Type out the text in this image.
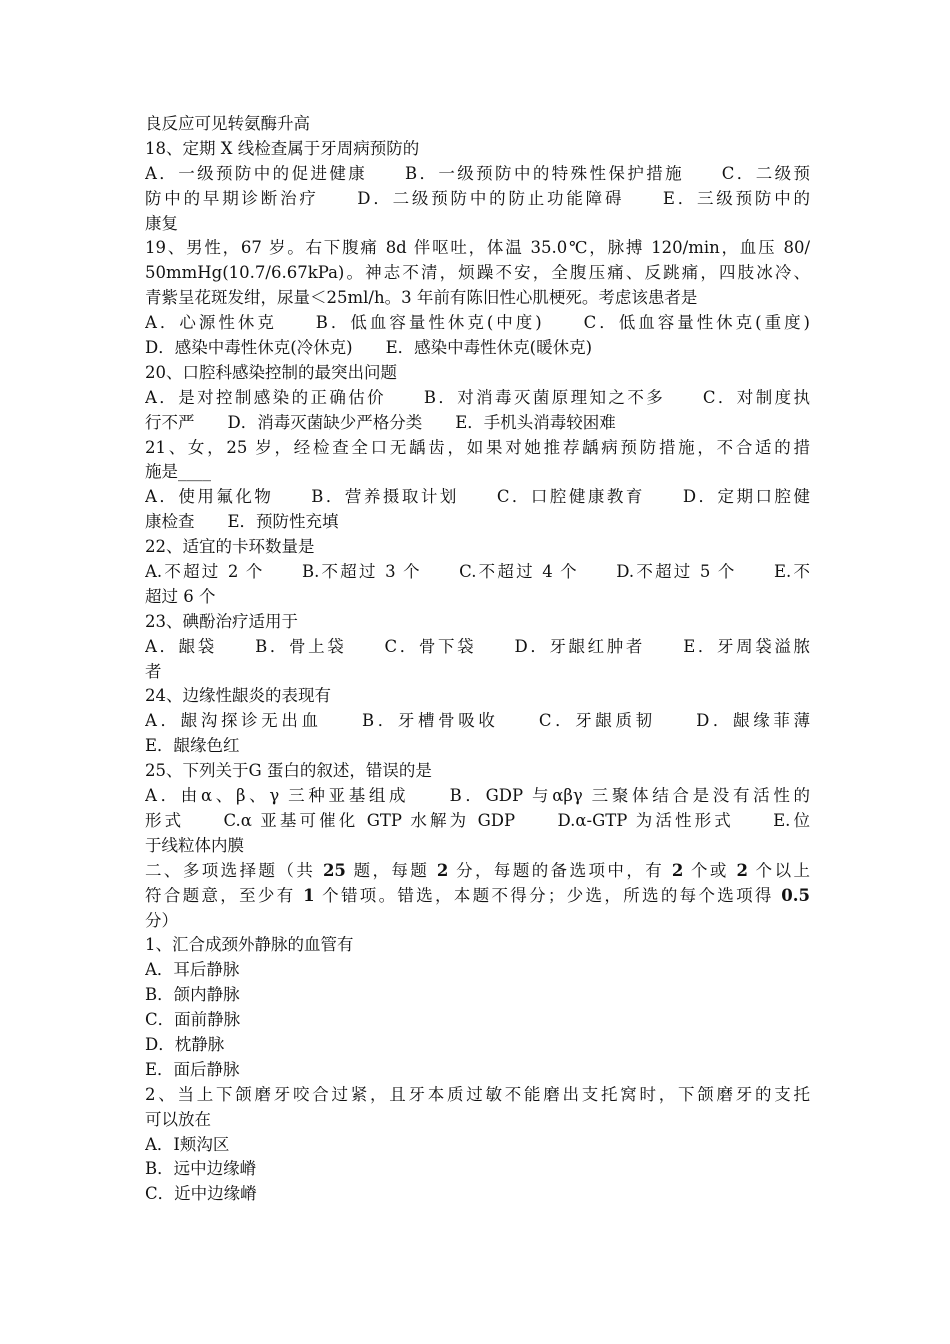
良反应可见转氨酶升高
18、定期 X 线检查属于牙周病预防的
A．一级预防中的促进健康　　B．一级预防中的特殊性保护措施　　C．二级预
防中的早期诊断治疗　　D．二级预防中的防止功能障碍　　E．三级预防中的
康复
19、男性，67 岁。右下腹痛 8d 伴呕吐，体温 35.0℃，脉搏 120/min，血压 80/
50mmHg(10.7/6.67kPa)。神志不清，烦躁不安，全腹压痛、反跳痛，四肢冰冷、
青紫呈花斑发绀，尿量＜25ml/h。3 年前有陈旧性心肌梗死。考虑该患者是
A．心源性休克　　B．低血容量性休克(中度)　　C．低血容量性休克(重度)
D．感染中毒性休克(冷休克)　　E．感染中毒性休克(暖休克)
20、口腔科感染控制的最突出问题
A．是对控制感染的正确估价　　B．对消毒灭菌原理知之不多　　C．对制度执
行不严　　D．消毒灭菌缺少严格分类　　E．手机头消毒较困难
21、女，25 岁，经检查全口无龋齿，如果对她推荐龋病预防措施，不合适的措
施是____
A．使用氟化物　　B．营养摄取计划　　C．口腔健康教育　　D．定期口腔健
康检查　　E．预防性充填
22、适宜的卡环数量是
A.不超过 2 个　　B.不超过 3 个　　C.不超过 4 个　　D.不超过 5 个　　E.不
超过 6 个
23、碘酚治疗适用于
A．龈袋　　B．骨上袋　　C．骨下袋　　D．牙龈红肿者　　E．牙周袋溢脓
者
24、边缘性龈炎的表现有
A．龈沟探诊无出血　　B．牙槽骨吸收　　C．牙龈质韧　　D．龈缘菲薄
E．龈缘色红
25、下列关于G 蛋白的叙述，错误的是
A．由α、β、γ 三种亚基组成　　B．GDP 与αβγ 三聚体结合是没有活性的
形式　　C.α 亚基可催化 GTP 水解为 GDP　　D.α-GTP 为活性形式　　E.位
于线粒体内膜
二、多项选择题（共 25 题，每题 2 分，每题的备选项中，有 2 个或 2 个以上
符合题意，至少有 1 个错项。错选，本题不得分；少选，所选的每个选项得 0.5
分）
1、汇合成颈外静脉的血管有
A．耳后静脉
B．颌内静脉
C．面前静脉
D．枕静脉
E．面后静脉
2、当上下颌磨牙咬合过紧，且牙本质过敏不能磨出支托窝时，下颌磨牙的支托
可以放在
A．Ⅰ颊沟区
B．远中边缘嵴
C．近中边缘嵴
